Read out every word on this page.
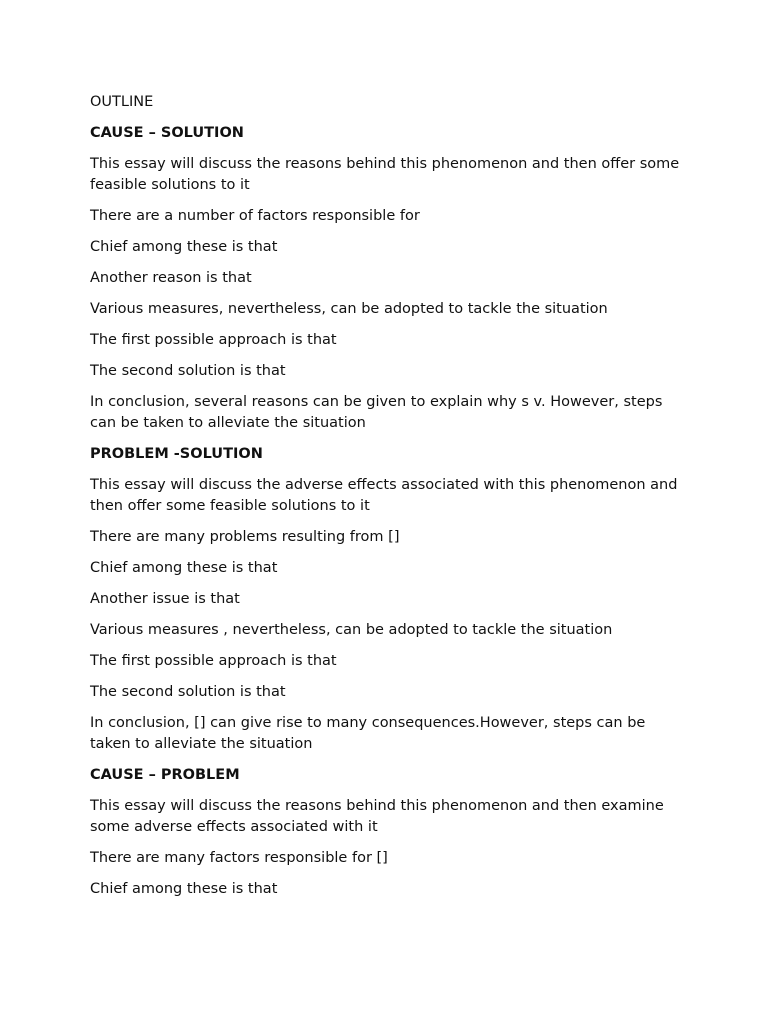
OUTLINE

CAUSE – SOLUTION

This essay will discuss the reasons behind this phenomenon and then offer some feasible solutions to it

There are a number of factors responsible for

Chief among these is that

Another reason is that

Various measures, nevertheless, can be adopted to tackle the situation

The first possible approach is that

The second solution is that

In conclusion, several reasons can be given to explain why s v. However, steps can be taken to alleviate the situation

PROBLEM -SOLUTION

This essay will discuss the adverse effects associated with this phenomenon and then offer some feasible solutions to it

There are many problems resulting from []

Chief among these is that

Another issue is that

Various measures , nevertheless, can be adopted to tackle the situation

The first possible approach is that

The second solution is that

In conclusion, [] can give rise to many consequences.However, steps can be taken to alleviate the situation

CAUSE – PROBLEM

This essay will discuss the reasons behind this phenomenon and then examine some adverse effects associated with it

There are many factors responsible for []

Chief among these is that
